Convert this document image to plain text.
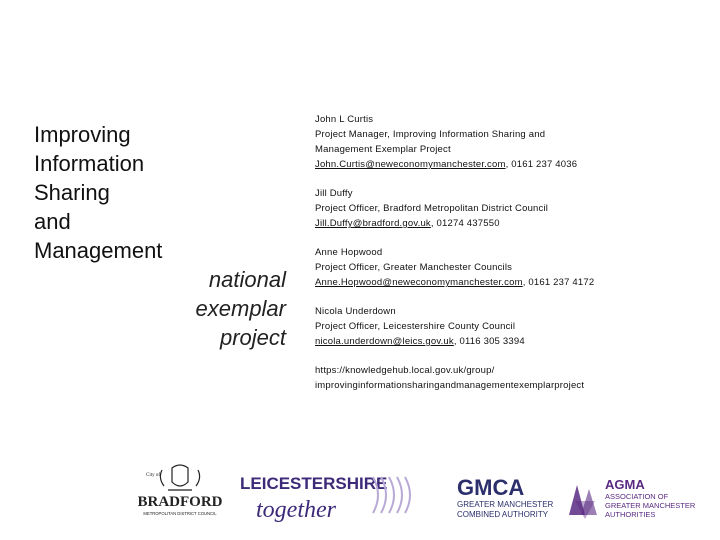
Improving
Information
Sharing
and
Management
national
exemplar
project
John L Curtis
Project Manager, Improving Information Sharing and
Management Exemplar Project
John.Curtis@neweconomymanchester.com, 0161 237 4036
Jill Duffy
Project Officer, Bradford Metropolitan District Council
Jill.Duffy@bradford.gov.uk, 01274 437550
Anne Hopwood
Project Officer, Greater Manchester Councils
Anne.Hopwood@neweconomymanchester.com, 0161 237 4172
Nicola Underdown
Project Officer, Leicestershire County Council
nicola.underdown@leics.gov.uk, 0116 305 3394
https://knowledgehub.local.gov.uk/group/
improvinginformationsharingandmanagementexemplarproject
City of
BRADFORD
METROPOLITAN DISTRICT COUNCIL
LEICESTERSHIRE
together
GMCA
GREATER MANCHESTER
COMBINED AUTHORITY
AGMA
ASSOCIATION OF
GREATER MANCHESTER
AUTHORITIES
